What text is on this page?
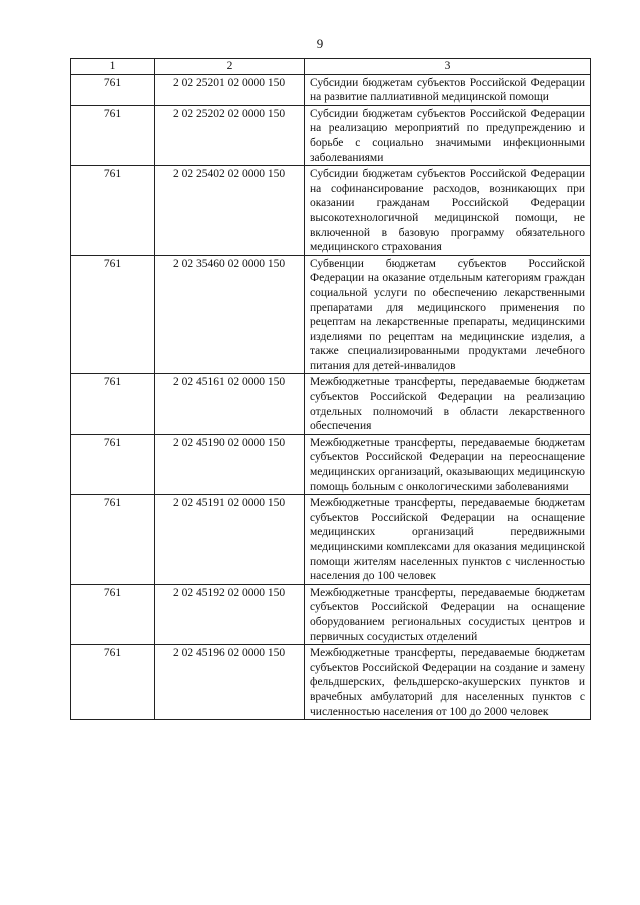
9
1	2	3
761	2 02 25201 02 0000 150	Субсидии бюджетам субъектов Российской Федерации на развитие паллиативной медицинской помощи
761	2 02 25202 02 0000 150	Субсидии бюджетам субъектов Российской Федерации на реализацию мероприятий по предупреждению и борьбе с социально значимыми инфекционными заболеваниями
761	2 02 25402 02 0000 150	Субсидии бюджетам субъектов Российской Федерации на софинансирование расходов, возникающих при оказании гражданам Российской Федерации высокотехнологичной медицинской помощи, не включенной в базовую программу обязательного медицинского страхования
761	2 02 35460 02 0000 150	Субвенции бюджетам субъектов Российской Федерации на оказание отдельным категориям граждан социальной услуги по обеспечению лекарственными препаратами для медицинского применения по рецептам на лекарственные препараты, медицинскими изделиями по рецептам на медицинские изделия, а также специализированными продуктами лечебного питания для детей-инвалидов
761	2 02 45161 02 0000 150	Межбюджетные трансферты, передаваемые бюджетам субъектов Российской Федерации на реализацию отдельных полномочий в области лекарственного обеспечения
761	2 02 45190 02 0000 150	Межбюджетные трансферты, передаваемые бюджетам субъектов Российской Федерации на переоснащение медицинских организаций, оказывающих медицинскую помощь больным с онкологическими заболеваниями
761	2 02 45191 02 0000 150	Межбюджетные трансферты, передаваемые бюджетам субъектов Российской Федерации на оснащение медицинских организаций передвижными медицинскими комплексами для оказания медицинской помощи жителям населенных пунктов с численностью населения до 100 человек
761	2 02 45192 02 0000 150	Межбюджетные трансферты, передаваемые бюджетам субъектов Российской Федерации на оснащение оборудованием региональных сосудистых центров и первичных сосудистых отделений
761	2 02 45196 02 0000 150	Межбюджетные трансферты, передаваемые бюджетам субъектов Российской Федерации на создание и замену фельдшерских, фельдшерско-акушерских пунктов и врачебных амбулаторий для населенных пунктов с численностью населения от 100 до 2000 человек
